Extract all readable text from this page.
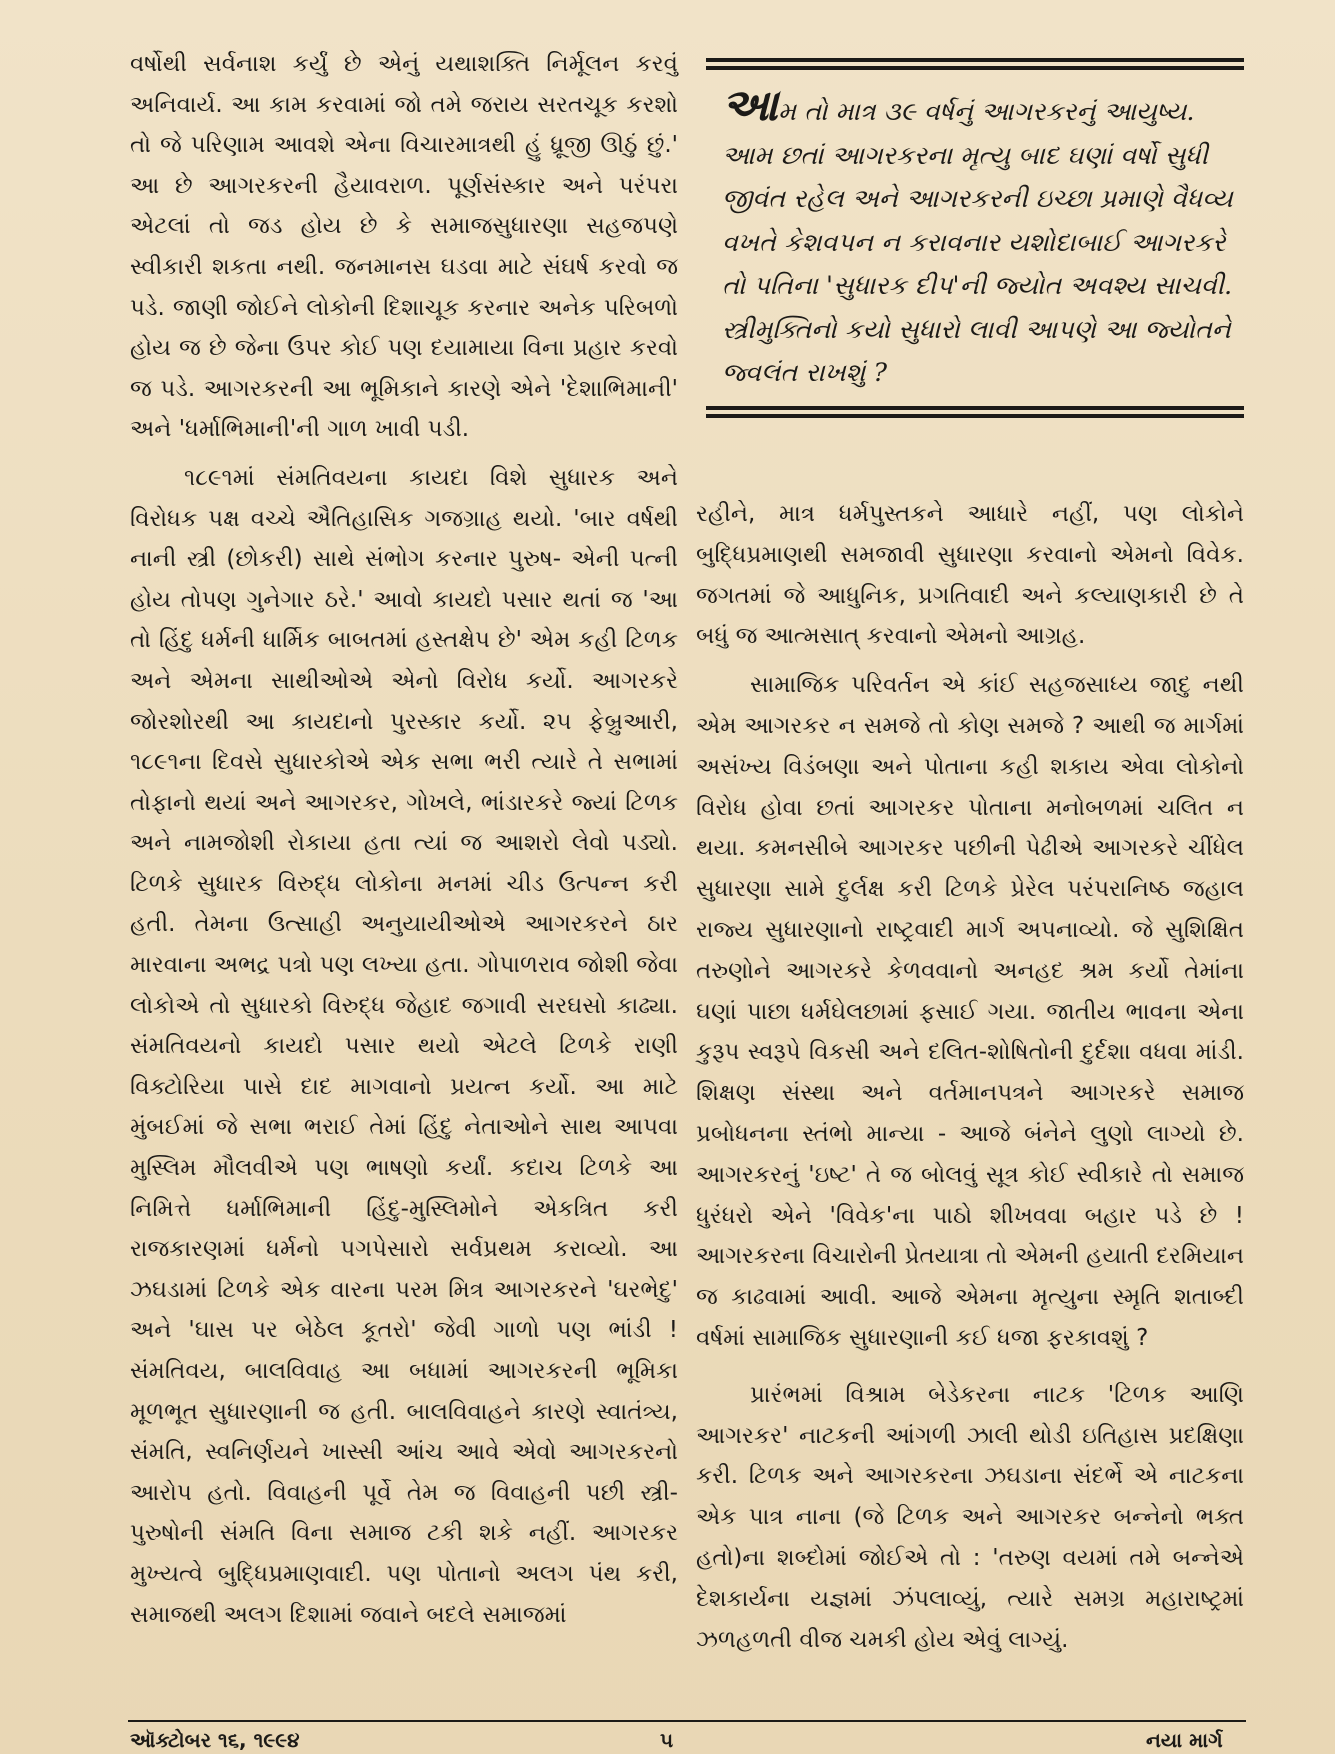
વર્ષોથી સર્વનાશ કર્યું છે એનું યથાશક્તિ નિર્મૂલન કરવું અનિવાર્ય. આ કામ કરવામાં જો તમે જરાય સરતચૂક કરશો તો જે પરિણામ આવશે એના વિચારમાત્રથી હું ધ્રૂજી ઊઠું છું.' આ છે આગરકરની હૈયાવરાળ. પૂર્ણસંસ્કાર અને પરંપરા એટલાં તો જડ હોય છે કે સમાજસુધારણા સહજપણે સ્વીકારી શકતા નથી. જનમાનસ ઘડવા માટે સંઘર્ષ કરવો જ પડે. જાણી જોઈને લોકોની દિશાચૂક કરનાર અનેક પરિબળો હોય જ છે જેના ઉપર કોઈ પણ દયામાયા વિના પ્રહાર કરવો જ પડે. આગરકરની આ ભૂમિકાને કારણે એને 'દેશાભિમાની' અને 'ધર્માભિમાની'ની ગાળ ખાવી પડી.

૧૮૯૧માં સંમતિવયના કાયદા વિશે સુધારક અને વિરોધક પક્ષ વચ્ચે ઐતિહાસિક ગજગ્રાહ થયો. 'બાર વર્ષથી નાની સ્ત્રી (છોકરી) સાથે સંભોગ કરનાર પુરુષ- એની પત્ની હોય તોપણ ગુનેગાર ઠરે.' આવો કાયદો પસાર થતાં જ 'આ તો હિંદુ ધર્મની ધાર્મિક બાબતમાં હસ્તક્ષેપ છે' એમ કહી ટિળક અને એમના સાથીઓએ એનો વિરોધ કર્યો. આગરકરે જોરશોરથી આ કાયદાનો પુરસ્કાર કર્યો. ૨૫ ફેબ્રુઆરી, ૧૮૯૧ના દિવસે સુધારકોએ એક સભા ભરી ત્યારે તે સભામાં તોફાનો થયાં અને આગરકર, ગોખલે, ભાંડારકરે જ્યાં ટિળક અને નામજોશી રોકાયા હતા ત્યાં જ આશરો લેવો પડ્યો. ટિળકે સુધારક વિરુદ્ધ લોકોના મનમાં ચીડ ઉત્પન્ન કરી હતી. તેમના ઉત્સાહી અનુયાયીઓએ આગરકરને ઠાર મારવાના અભદ્ર પત્રો પણ લખ્યા હતા. ગોપાળરાવ જોશી જેવા લોકોએ તો સુધારકો વિરુદ્ધ જેહાદ જગાવી સરઘસો કાઢ્યા. સંમતિવયનો કાયદો પસાર થયો એટલે ટિળકે રાણી વિક્ટોરિયા પાસે દાદ માગવાનો પ્રયત્ન કર્યો. આ માટે મુંબઈમાં જે સભા ભરાઈ તેમાં હિંદુ નેતાઓને સાથ આપવા મુસ્લિમ મૌલવીએ પણ ભાષણો કર્યાં. કદાચ ટિળકે આ નિમિત્તે ધર્માભિમાની હિંદુ-મુસ્લિમોને એકત્રિત કરી રાજકારણમાં ધર્મનો પગપેસારો સર્વપ્રથમ કરાવ્યો. આ ઝઘડામાં ટિળકે એક વારના પરમ મિત્ર આગરકરને 'ઘરભેદુ' અને 'ઘાસ પર બેઠેલ કૂતરો' જેવી ગાળો પણ ભાંડી ! સંમતિવય, બાલવિવાહ આ બધામાં આગરકરની ભૂમિકા મૂળભૂત સુધારણાની જ હતી. બાલવિવાહને કારણે સ્વાતંત્ર્ય, સંમતિ, સ્વનિર્ણયને ખાસ્સી આંચ આવે એવો આગરકરનો આરોપ હતો. વિવાહની પૂર્વે તેમ જ વિવાહની પછી સ્ત્રી-પુરુષોની સંમતિ વિના સમાજ ટકી શકે નહીં. આગરકર મુખ્યત્વે બુદ્ધિપ્રમાણવાદી. પણ પોતાનો અલગ પંથ કરી, સમાજથી અલગ દિશામાં જવાને બદલે સમાજમાં

આમ તો માત્ર ૩૯ વર્ષનું આગરકરનું આયુષ્ય. આમ છતાં આગરકરના મૃત્યુ બાદ ઘણાં વર્ષો સુધી જીવંત રહેલ અને આગરકરની ઇચ્છા પ્રમાણે વૈધવ્ય વખતે કેશવપન ન કરાવનાર યશોદાબાઈ આગરકરે તો પતિના 'સુધારક દીપ'ની જ્યોત અવશ્ય સાચવી. સ્ત્રીમુક્તિનો કયો સુધારો લાવી આપણે આ જ્યોતને જ્વલંત રાખશું ?

રહીને, માત્ર ધર્મપુસ્તકને આધારે નહીં, પણ લોકોને બુદ્ધિપ્રમાણથી સમજાવી સુધારણા કરવાનો એમનો વિવેક. જગતમાં જે આધુનિક, પ્રગતિવાદી અને કલ્યાણકારી છે તે બધું જ આત્મસાત્ કરવાનો એમનો આગ્રહ.

સામાજિક પરિવર્તન એ કાંઈ સહજસાધ્ય જાદુ નથી એમ આગરકર ન સમજે તો કોણ સમજે ? આથી જ માર્ગમાં અસંખ્ય વિડંબણા અને પોતાના કહી શકાય એવા લોકોનો વિરોધ હોવા છતાં આગરકર પોતાના મનોબળમાં ચલિત ન થયા. કમનસીબે આગરકર પછીની પેઢીએ આગરકરે ચીંધેલ સુધારણા સામે દુર્લક્ષ કરી ટિળકે પ્રેરેલ પરંપરાનિષ્ઠ જહાલ રાજ્ય સુધારણાનો રાષ્ટ્રવાદી માર્ગ અપનાવ્યો. જે સુશિક્ષિત તરુણોને આગરકરે કેળવવાનો અનહદ શ્રમ કર્યો તેમાંના ઘણાં પાછા ધર્મઘેલછામાં ફસાઈ ગયા. જાતીય ભાવના એના કુરૂપ સ્વરૂપે વિકસી અને દલિત-શોષિતોની દુર્દશા વધવા માંડી. શિક્ષણ સંસ્થા અને વર્તમાનપત્રને આગરકરે સમાજ પ્રબોધનના સ્તંભો માન્યા - આજે બંનેને લુણો લાગ્યો છે. આગરકરનું 'ઇષ્ટ' તે જ બોલવું સૂત્ર કોઈ સ્વીકારે તો સમાજ ધુરંધરો એને 'વિવેક'ના પાઠો શીખવવા બહાર પડે છે ! આગરકરના વિચારોની પ્રેતયાત્રા તો એમની હયાતી દરમિયાન જ કાઢવામાં આવી. આજે એમના મૃત્યુના સ્મૃતિ શતાબ્દી વર્ષમાં સામાજિક સુધારણાની કઈ ધજા ફરકાવશું ?

પ્રારંભમાં વિશ્રામ બેડેકરના નાટક 'ટિળક આણિ આગરકર' નાટકની આંગળી ઝાલી થોડી ઇતિહાસ પ્રદક્ષિણા કરી. ટિળક અને આગરકરના ઝઘડાના સંદર્ભે એ નાટકના એક પાત્ર નાના (જે ટિળક અને આગરકર બન્નેનો ભક્ત હતો)ના શબ્દોમાં જોઈએ તો : 'તરુણ વયમાં તમે બન્નેએ દેશકાર્યના યજ્ઞમાં ઝંપલાવ્યું, ત્યારે સમગ્ર મહારાષ્ટ્રમાં ઝળહળતી વીજ ચમકી હોય એવું લાગ્યું.

ઑક્ટોબર ૧૬, ૧૯૯૪	૫	નયા માર્ગ
